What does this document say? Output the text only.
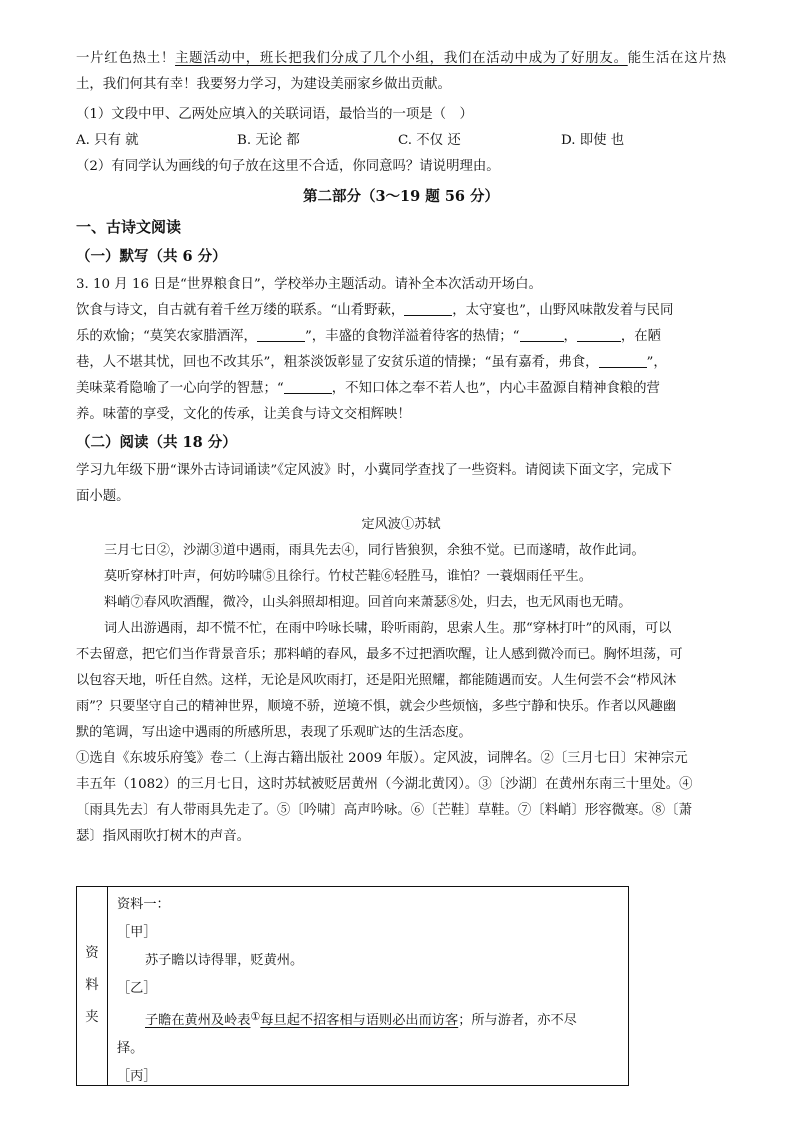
一片红色热土！主题活动中，班长把我们分成了几个小组，我们在活动中成为了好朋友。能生活在这片热

土，我们何其有幸！我要努力学习，为建设美丽家乡做出贡献。

（1）文段中甲、乙两处应填入的关联词语，最恰当的一项是（　）

A. 只有 就	B. 无论 都	C. 不仅 还	D. 即使 也

（2）有同学认为画线的句子放在这里不合适，你同意吗？请说明理由。

第二部分（3～19 题 56 分）

一、古诗文阅读

（一）默写（共 6 分）

3. 10 月 16 日是“世界粮食日”，学校举办主题活动。请补全本次活动开场白。

饮食与诗文，自古就有着千丝万缕的联系。“山肴野蔌，	，太守宴也”，山野风味散发着与民同

乐的欢愉；“莫笑农家腊酒浑，	”，丰盛的食物洋溢着待客的热情；“	，	，在陋

巷，人不堪其忧，回也不改其乐”，粗茶淡饭彰显了安贫乐道的情操；“虽有嘉肴，弗食，	”，

美味菜肴隐喻了一心向学的智慧；“	，不知口体之奉不若人也”，内心丰盈源自精神食粮的营

养。味蕾的享受，文化的传承，让美食与诗文交相辉映！

（二）阅读（共 18 分）

学习九年级下册“课外古诗词诵读”《定风波》时，小冀同学查找了一些资料。请阅读下面文字，完成下

面小题。

定风波①苏轼

三月七日②，沙湖③道中遇雨，雨具先去④，同行皆狼狈，余独不觉。已而遂晴，故作此词。

莫听穿林打叶声，何妨吟啸⑤且徐行。竹杖芒鞋⑥轻胜马，谁怕？一蓑烟雨任平生。

料峭⑦春风吹酒醒，微冷，山头斜照却相迎。回首向来萧瑟⑧处，归去，也无风雨也无晴。

词人出游遇雨，却不慌不忙，在雨中吟咏长啸，聆听雨韵，思索人生。那“穿林打叶”的风雨，可以

不去留意，把它们当作背景音乐；那料峭的春风，最多不过把酒吹醒，让人感到微冷而已。胸怀坦荡，可

以包容天地，听任自然。这样，无论是风吹雨打，还是阳光照耀，都能随遇而安。人生何尝不会“栉风沐

雨”？只要坚守自己的精神世界，顺境不骄，逆境不惧，就会少些烦恼，多些宁静和快乐。作者以风趣幽

默的笔调，写出途中遇雨的所感所思，表现了乐观旷达的生活态度。

①选自《东坡乐府笺》卷二（上海古籍出版社 2009 年版）。定风波，词牌名。②〔三月七日〕宋神宗元

丰五年（1082）的三月七日，这时苏轼被贬居黄州（今湖北黄冈）。③〔沙湖〕在黄州东南三十里处。④

〔雨具先去〕有人带雨具先走了。⑤〔吟啸〕高声吟咏。⑥〔芒鞋〕草鞋。⑦〔料峭〕形容微寒。⑧〔萧

瑟〕指风雨吹打树木的声音。

资
料
夹
资料一：
［甲］
苏子瞻以诗得罪，贬黄州。
［乙］
子瞻在黄州及岭表①每旦起不招客相与语则必出而访客；所与游者，亦不尽
择。
［丙］
